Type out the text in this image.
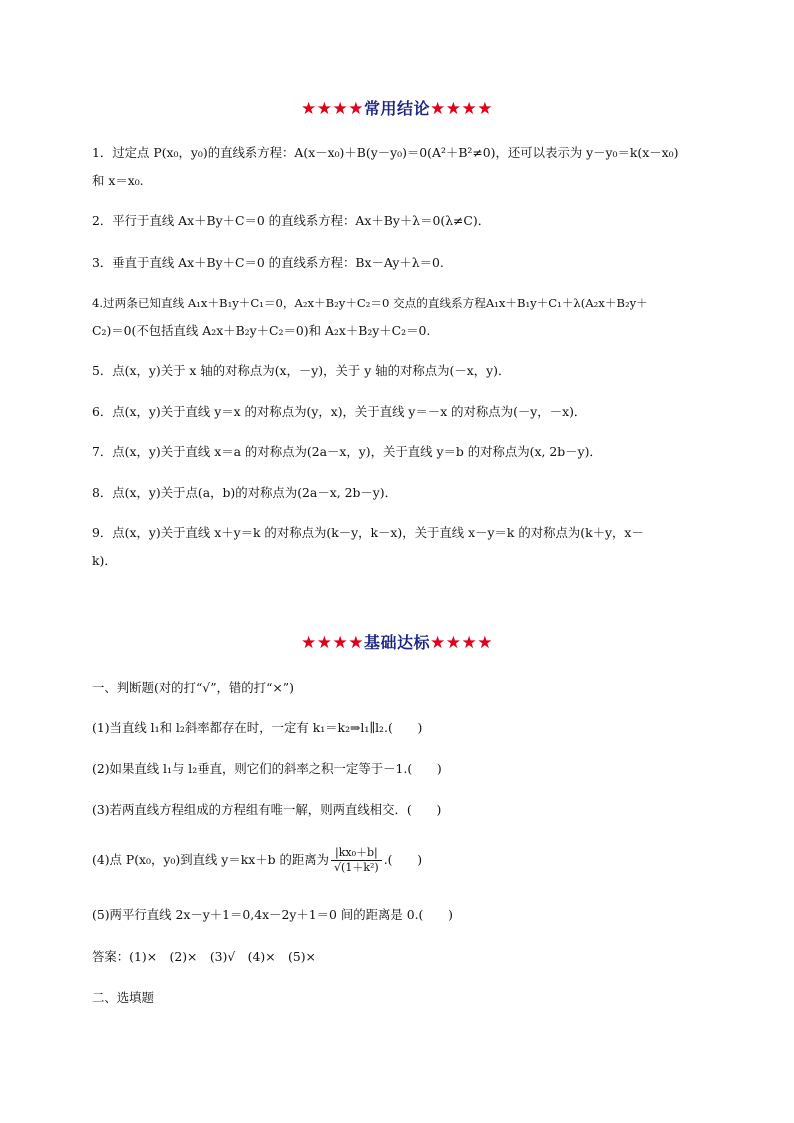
★★★★常用结论★★★★
1．过定点 P(x₀，y₀)的直线系方程：A(x－x₀)＋B(y－y₀)＝0(A²＋B²≠0)，还可以表示为 y－y₀＝k(x－x₀)
和 x＝x₀.
2．平行于直线 Ax＋By＋C＝0 的直线系方程：Ax＋By＋λ＝0(λ≠C)．
3．垂直于直线 Ax＋By＋C＝0 的直线系方程：Bx－Ay＋λ＝0.
4.过两条已知直线 A₁x＋B₁y＋C₁＝0，A₂x＋B₂y＋C₂＝0 交点的直线系方程A₁x＋B₁y＋C₁＋λ(A₂x＋B₂y＋
C₂)＝0(不包括直线 A₂x＋B₂y＋C₂＝0)和 A₂x＋B₂y＋C₂＝0.
5．点(x，y)关于 x 轴的对称点为(x，－y)，关于 y 轴的对称点为(－x，y)．
6．点(x，y)关于直线 y＝x 的对称点为(y，x)，关于直线 y＝－x 的对称点为(－y，－x)．
7．点(x，y)关于直线 x＝a 的对称点为(2a－x，y)，关于直线 y＝b 的对称点为(x, 2b－y)．
8．点(x，y)关于点(a，b)的对称点为(2a－x, 2b－y)．
9．点(x，y)关于直线 x＋y＝k 的对称点为(k－y，k－x)，关于直线 x－y＝k 的对称点为(k＋y，x－
k)．
★★★★基础达标★★★★
一、判断题(对的打“√”，错的打“×”)
(1)当直线 l₁和 l₂斜率都存在时，一定有 k₁＝k₂⇒l₁∥l₂.(　　)
(2)如果直线 l₁与 l₂垂直，则它们的斜率之积一定等于－1.(　　)
(3)若两直线方程组成的方程组有唯一解，则两直线相交．(　　)
(4)点 P(x₀，y₀)到直线 y＝kx＋b 的距离为 $\frac{\text{|kx₀＋b|}}{\text{√(1＋k²)}}$ .(　　)
(5)两平行直线 2x－y＋1＝0,4x－2y＋1＝0 间的距离是 0.(　　)
答案：(1)×　(2)×　(3)√　(4)×　(5)×
二、选填题
